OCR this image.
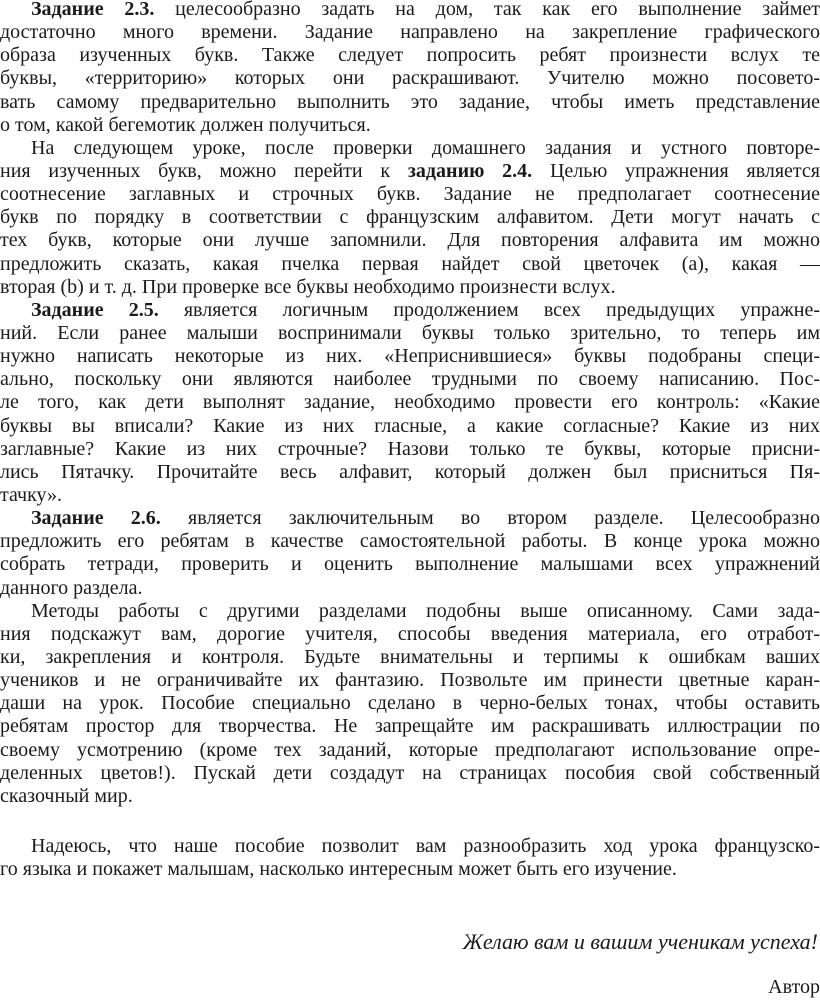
Задание 2.3. целесообразно задать на дом, так как его выполнение займет
достаточно много времени. Задание направлено на закрепление графического
образа изученных букв. Также следует попросить ребят произнести вслух те
буквы, «территорию» которых они раскрашивают. Учителю можно посовето-
вать самому предварительно выполнить это задание, чтобы иметь представление
о том, какой бегемотик должен получиться.
На следующем уроке, после проверки домашнего задания и устного повторе-
ния изученных букв, можно перейти к заданию 2.4. Целью упражнения является
соотнесение заглавных и строчных букв. Задание не предполагает соотнесение
букв по порядку в соответствии с французским алфавитом. Дети могут начать с
тех букв, которые они лучше запомнили. Для повторения алфавита им можно
предложить сказать, какая пчелка первая найдет свой цветочек (a), какая —
вторая (b) и т. д. При проверке все буквы необходимо произнести вслух.
Задание 2.5. является логичным продолжением всех предыдущих упражне-
ний. Если ранее малыши воспринимали буквы только зрительно, то теперь им
нужно написать некоторые из них. «Неприснившиеся» буквы подобраны специ-
ально, поскольку они являются наиболее трудными по своему написанию. Пос-
ле того, как дети выполнят задание, необходимо провести его контроль: «Какие
буквы вы вписали? Какие из них гласные, а какие согласные? Какие из них
заглавные? Какие из них строчные? Назови только те буквы, которые присни-
лись Пятачку. Прочитайте весь алфавит, который должен был присниться Пя-
тачку».
Задание 2.6. является заключительным во втором разделе. Целесообразно
предложить его ребятам в качестве самостоятельной работы. В конце урока можно
собрать тетради, проверить и оценить выполнение малышами всех упражнений
данного раздела.
Методы работы с другими разделами подобны выше описанному. Сами зада-
ния подскажут вам, дорогие учителя, способы введения материала, его отработ-
ки, закрепления и контроля. Будьте внимательны и терпимы к ошибкам ваших
учеников и не ограничивайте их фантазию. Позвольте им принести цветные каран-
даши на урок. Пособие специально сделано в черно-белых тонах, чтобы оставить
ребятам простор для творчества. Не запрещайте им раскрашивать иллюстрации по
своему усмотрению (кроме тех заданий, которые предполагают использование опре-
деленных цветов!). Пускай дети создадут на страницах пособия свой собственный
сказочный мир.
Надеюсь, что наше пособие позволит вам разнообразить ход урока французско-
го языка и покажет малышам, насколько интересным может быть его изучение.
Желаю вам и вашим ученикам успеха!
Автор
